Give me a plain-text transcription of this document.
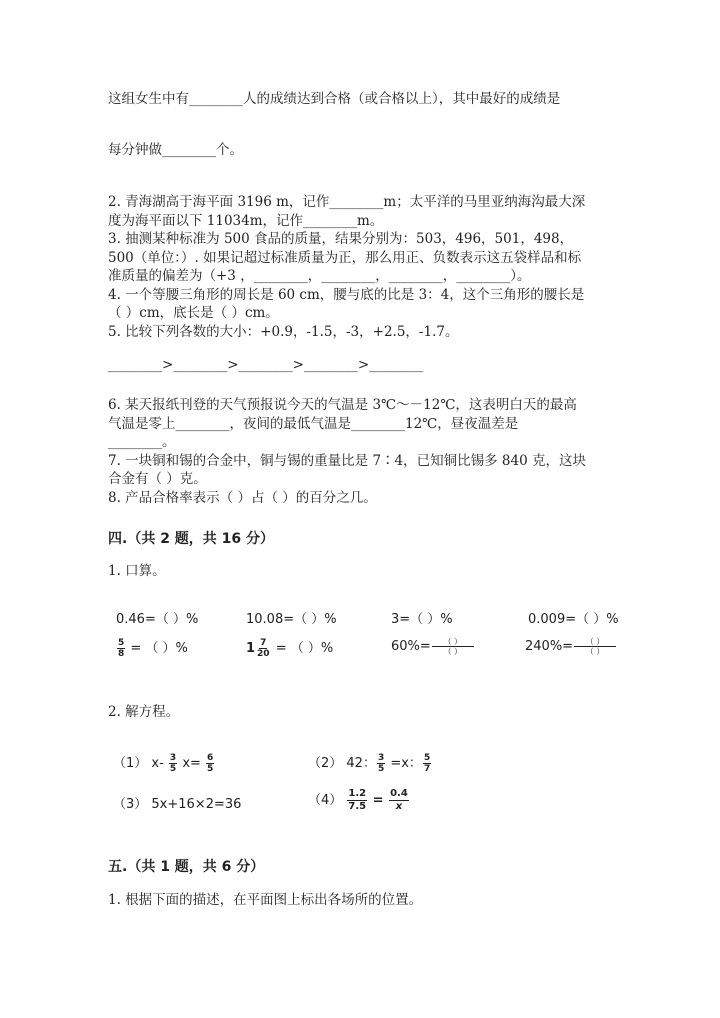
这组女生中有________人的成绩达到合格（或合格以上），其中最好的成绩是
每分钟做________个。
2. 青海湖高于海平面 3196 m，记作________m；太平洋的马里亚纳海沟最大深
度为海平面以下 11034m，记作________m。
3. 抽测某种标准为 500 食品的质量，结果分别为：503，496，501，498，
500（单位：）. 如果记超过标准质量为正，那么用正、负数表示这五袋样品和标
准质量的偏差为（+3 ，________，________，________，________）。
4. 一个等腰三角形的周长是 60 cm，腰与底的比是 3：4，这个三角形的腰长是
（ ）cm，底长是（ ）cm。
5. 比较下列各数的大小：+0.9，-1.5，-3，+2.5，-1.7。
________>________>________>________>________
6. 某天报纸刊登的天气预报说今天的气温是 3℃～－12℃，这表明白天的最高
气温是零上________，夜间的最低气温是________12℃，昼夜温差是
________。
7. 一块铜和锡的合金中，铜与锡的重量比是 7∶4，已知铜比锡多 840 克，这块
合金有（ ）克。
8. 产品合格率表示（ ）占（ ）的百分之几。
四.（共 2 题，共 16 分）
1. 口算。
0.46=（ ）%	10.08=（ ）%	3=（ ）%	0.009=（ ）%
$\frac{5}{8}$ = （ ）%	$1 \frac{7}{20}$ = （ ）%	$60\%= \frac{( )}{( )}$	$240\%= \frac{( )}{( )}$
2. 解方程。
（1） $x- \frac{3}{5} x= \frac{6}{5}$	（2） 42： $\frac{3}{5} =x$： $\frac{5}{7}$
（3） 5x+16×2=36	$(4) \frac{1.2}{7.5} = \frac{0.4}{x}$
五.（共 1 题，共 6 分）
1. 根据下面的描述，在平面图上标出各场所的位置。
